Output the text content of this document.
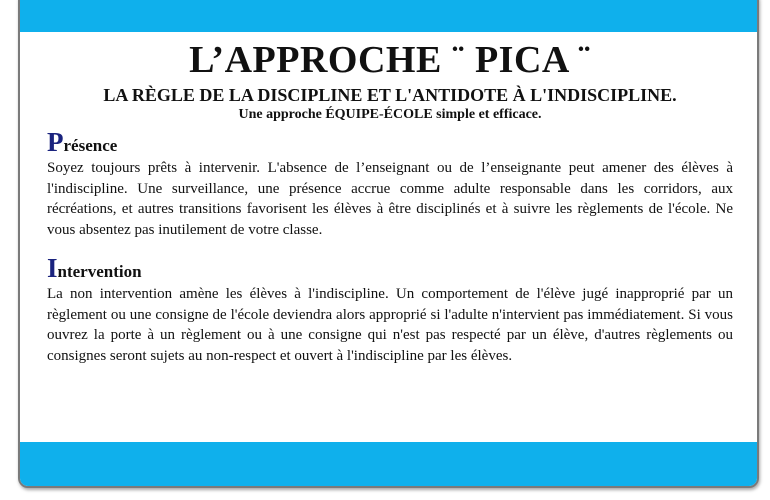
L’APPROCHE ¨ PICA ¨
LA RÈGLE DE LA DISCIPLINE ET L'ANTIDOTE À L'INDISCIPLINE.
Une approche ÉQUIPE-ÉCOLE simple et efficace.
Présence

Soyez toujours prêts à intervenir. L'absence de l’enseignant ou de l’enseignante peut amener des élèves à l'indiscipline. Une surveillance, une présence accrue comme adulte responsable dans les corridors, aux récréations, et autres transitions favorisent les élèves à être disciplinés et à suivre les règlements de l'école. Ne vous absentez pas inutilement de votre classe.

Intervention

La non intervention amène les élèves à l'indiscipline. Un comportement de l'élève jugé inapproprié par un règlement ou une consigne de l'école deviendra alors approprié si l'adulte n'intervient pas immédiatement. Si vous ouvrez la porte à un règlement ou à une consigne qui n'est pas respecté par un élève, d'autres règlements ou consignes seront sujets au non-respect et ouvert à l'indiscipline par les élèves.
